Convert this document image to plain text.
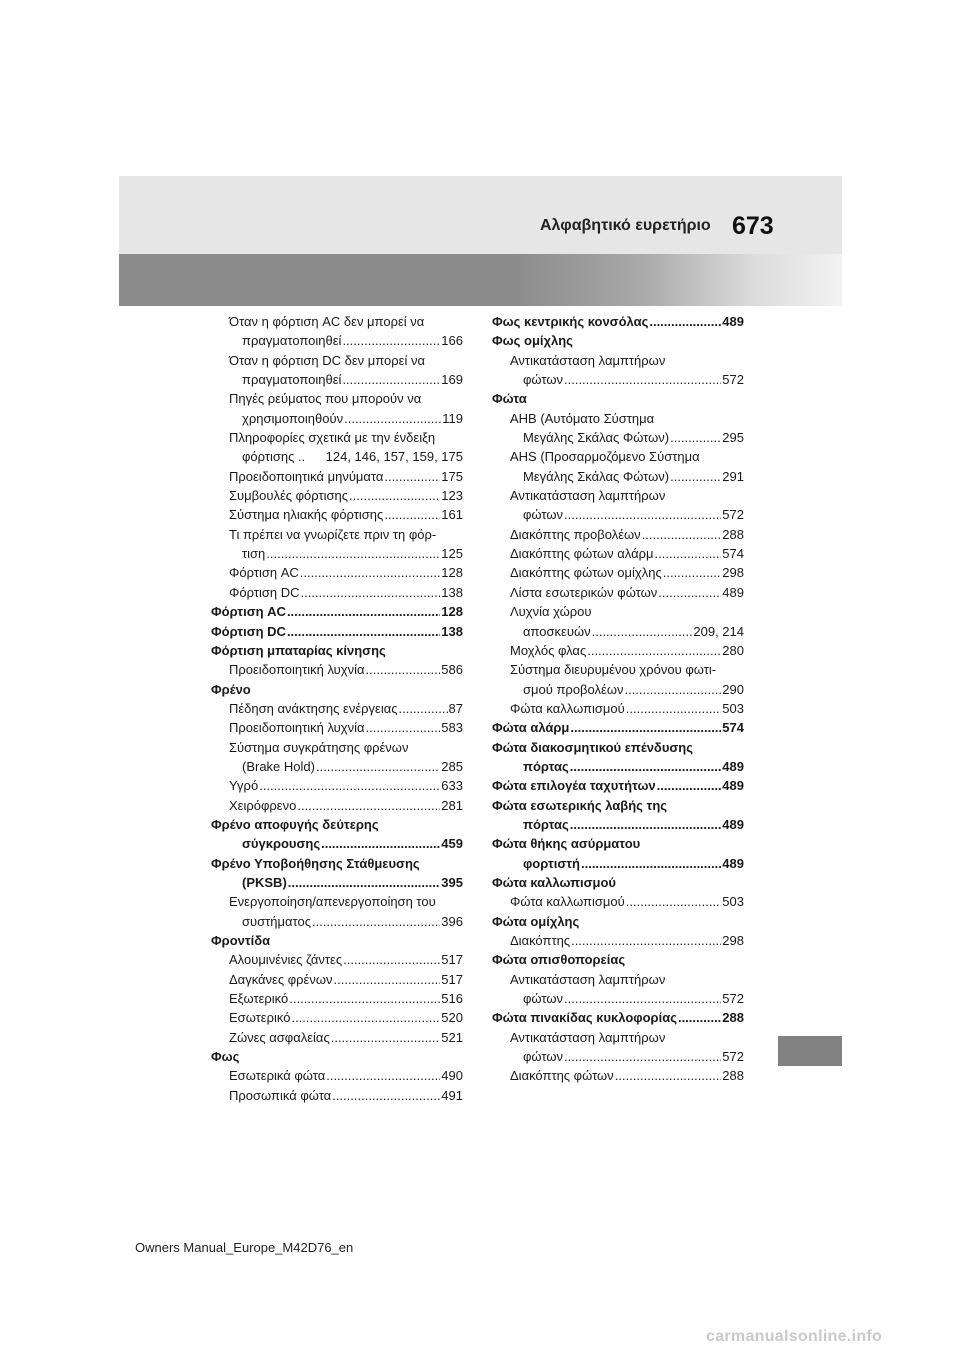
Αλφαβητικό ευρετήριο 673
Όταν η φόρτιση AC δεν μπορεί να
πραγματοποιηθεί .....	166
Όταν η φόρτιση DC δεν μπορεί να
πραγματοποιηθεί .....	169
Πηγές ρεύματος που μπορούν να
χρησιμοποιηθούν .....	119
Πληροφορίες σχετικά με την ένδειξη
φόρτισης .. 124, 146, 157, 159, 175
Προειδοποιητικά μηνύματα .....	175
Συμβουλές φόρτισης .....	123
Σύστημα ηλιακής φόρτισης .....	161
Τι πρέπει να γνωρίζετε πριν τη φόρ-
τιση .....	125
Φόρτιση AC .....	128
Φόρτιση DC .....	138
Φόρτιση AC .....	128
Φόρτιση DC .....	138
Φόρτιση μπαταρίας κίνησης
Προειδοποιητική λυχνία .....	586
Φρένο
Πέδηση ανάκτησης ενέργειας .....	87
Προειδοποιητική λυχνία .....	583
Σύστημα συγκράτησης φρένων
(Brake Hold) .....	285
Υγρό .....	633
Χειρόφρενο .....	281
Φρένο αποφυγής δεύτερης
σύγκρουσης .....	459
Φρένο Υποβοήθησης Στάθμευσης
(PKSB) .....	395
Ενεργοποίηση/απενεργοποίηση του
συστήματος .....	396
Φροντίδα
Αλουμινένιες ζάντες .....	517
Δαγκάνες φρένων .....	517
Εξωτερικό .....	516
Εσωτερικό .....	520
Ζώνες ασφαλείας .....	521
Φως
Εσωτερικά φώτα .....	490
Προσωπικά φώτα .....	491
Φως κεντρικής κονσόλας .....	489
Φως ομίχλης
Αντικατάσταση λαμπτήρων
φώτων .....	572
Φώτα
AHB (Αυτόματο Σύστημα
Μεγάλης Σκάλας Φώτων) .....	295
AHS (Προσαρμοζόμενο Σύστημα
Μεγάλης Σκάλας Φώτων) .....	291
Αντικατάσταση λαμπτήρων
φώτων .....	572
Διακόπτης προβολέων .....	288
Διακόπτης φώτων αλάρμ .....	574
Διακόπτης φώτων ομίχλης .....	298
Λίστα εσωτερικών φώτων .....	489
Λυχνία χώρου
αποσκευών .....	209, 214
Μοχλός φλας .....	280
Σύστημα διευρυμένου χρόνου φωτι-
σμού προβολέων .....	290
Φώτα καλλωπισμού .....	503
Φώτα αλάρμ .....	574
Φώτα διακοσμητικού επένδυσης
πόρτας .....	489
Φώτα επιλογέα ταχυτήτων .....	489
Φώτα εσωτερικής λαβής της
πόρτας .....	489
Φώτα θήκης ασύρματου
φορτιστή .....	489
Φώτα καλλωπισμού
Φώτα καλλωπισμού .....	503
Φώτα ομίχλης
Διακόπτης .....	298
Φώτα οπισθοπορείας
Αντικατάσταση λαμπτήρων
φώτων .....	572
Φώτα πινακίδας κυκλοφορίας .....	288
Αντικατάσταση λαμπτήρων
φώτων .....	572
Διακόπτης φώτων .....	288
Owners Manual_Europe_M42D76_en
carmanualsonline.info
